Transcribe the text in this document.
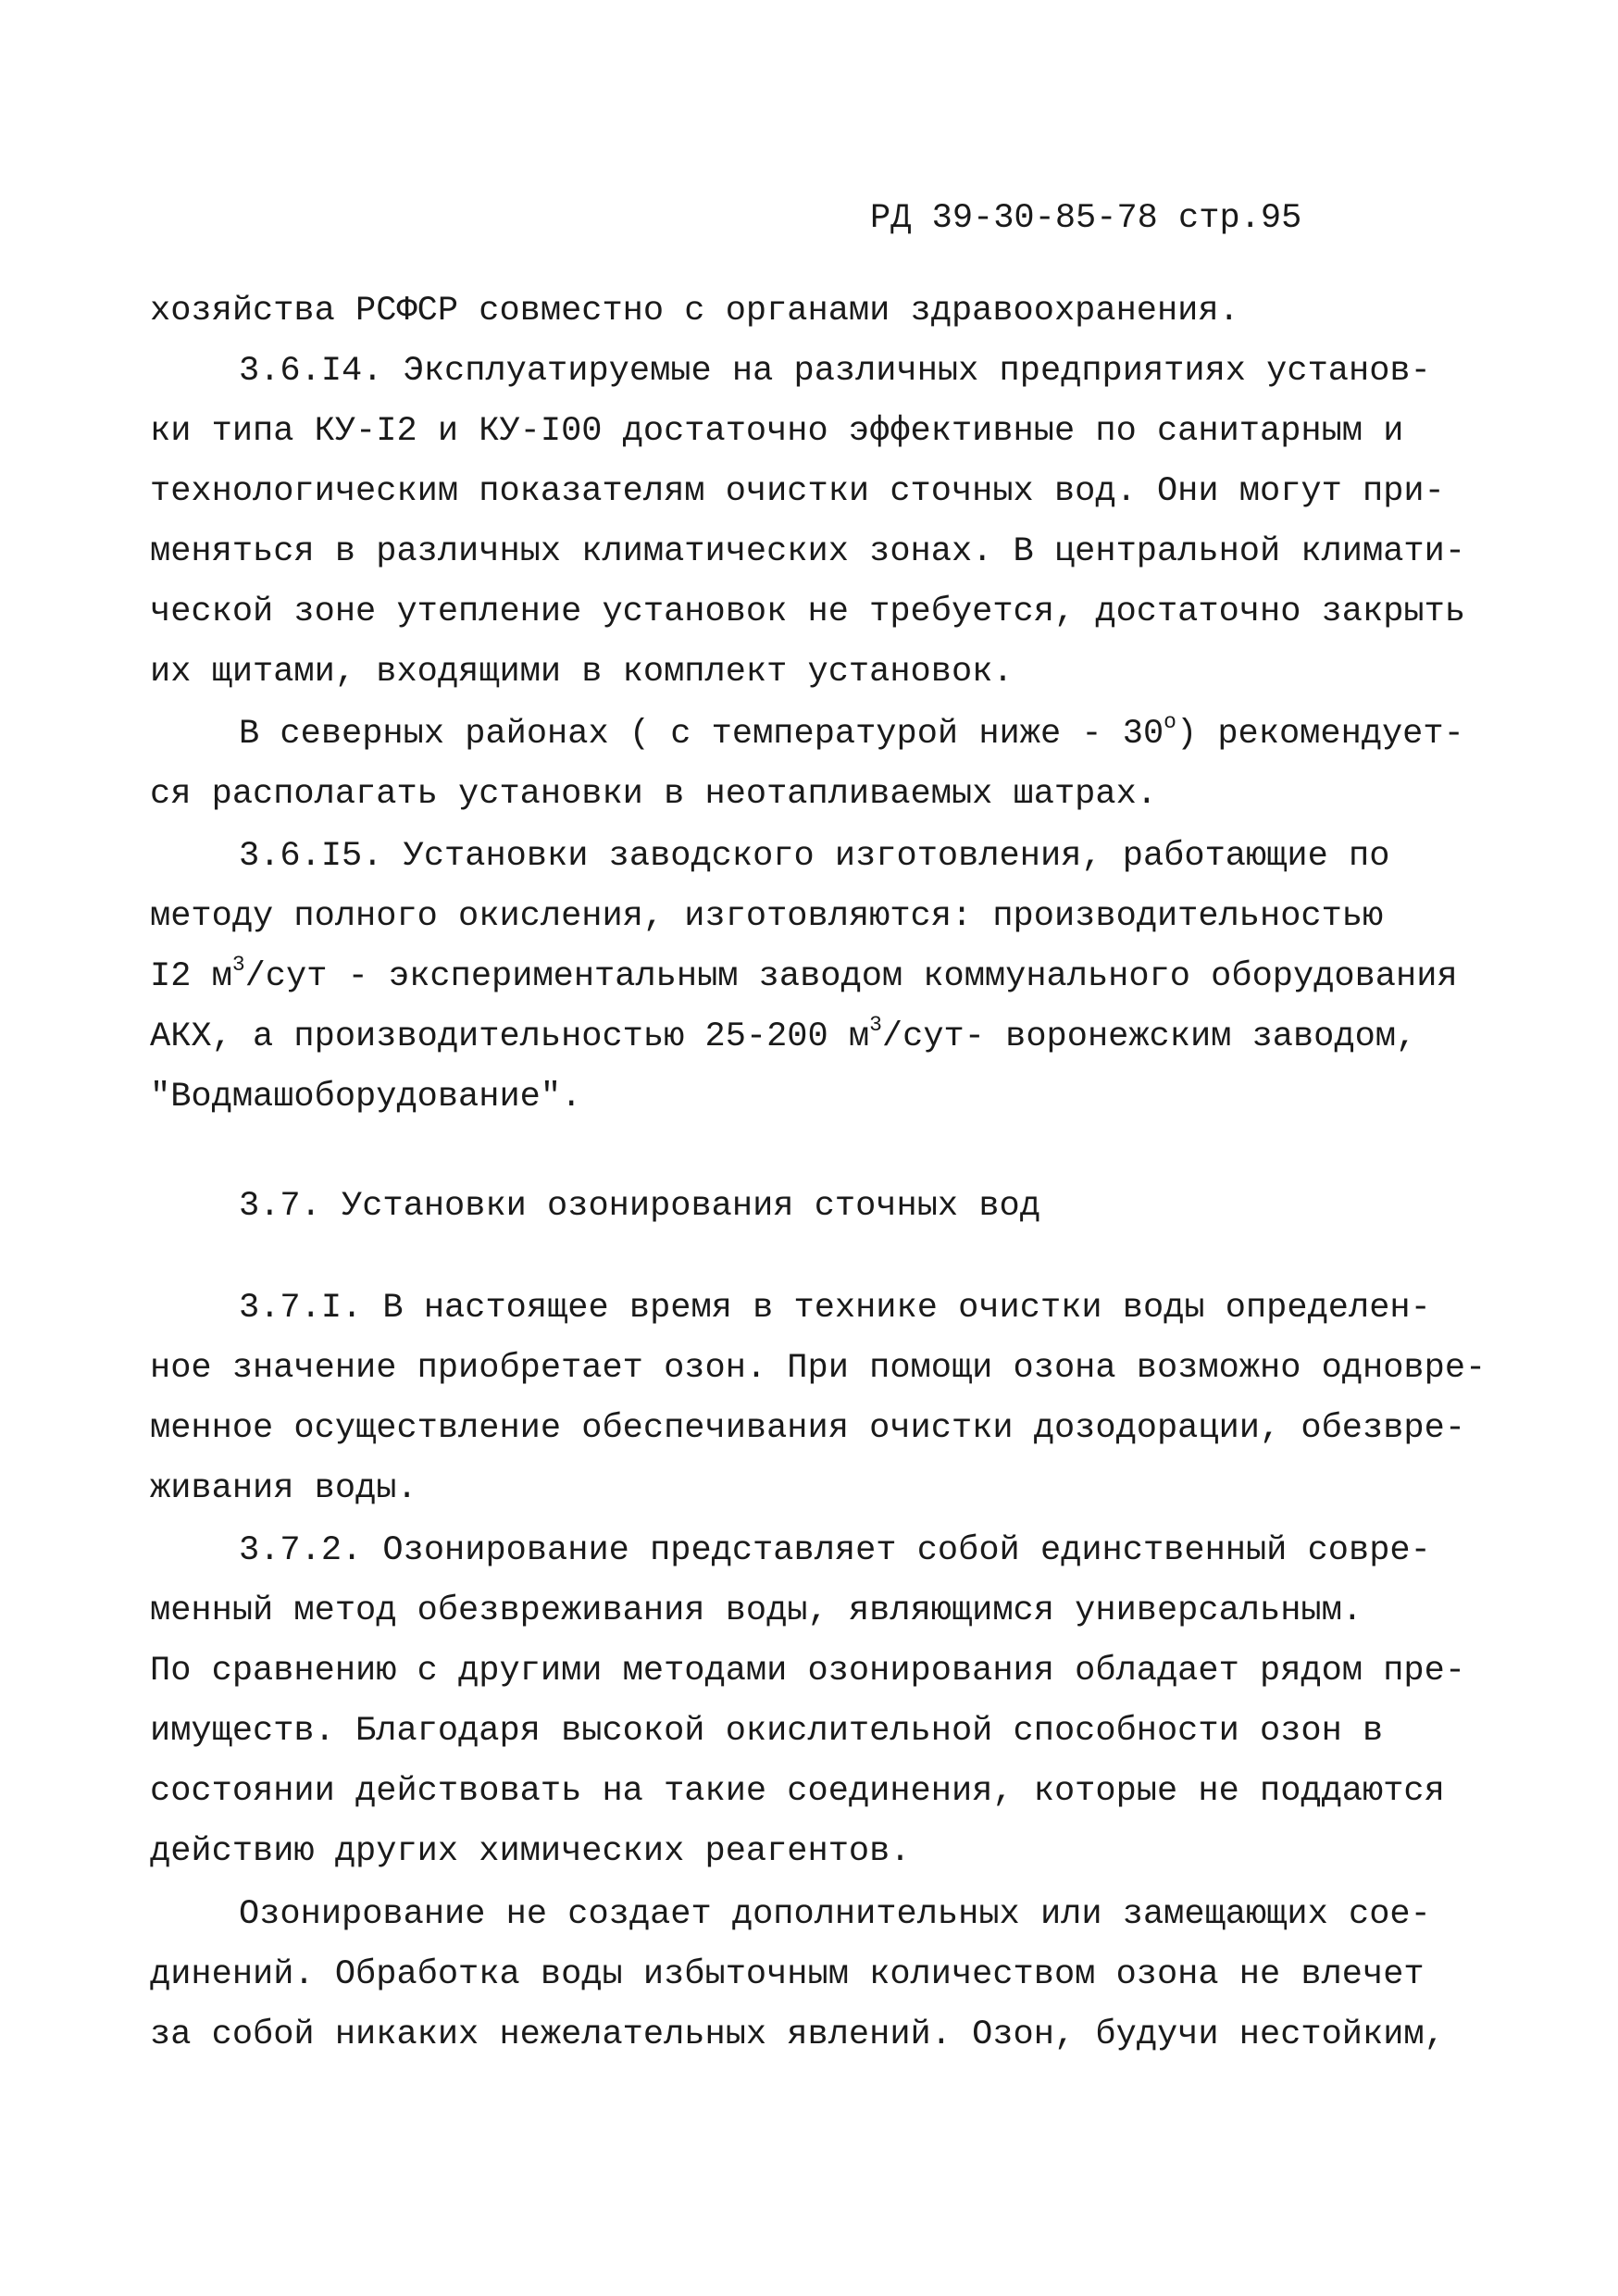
РД 39-30-85-78 стр.95
хозяйства РСФСР совместно с органами здравоохранения.
3.6.I4. Эксплуатируемые на различных предприятиях установ-
ки типа КУ-I2 и КУ-I00 достаточно эффективные по санитарным и
технологическим показателям очистки сточных вод. Они могут при-
меняться в различных климатических зонах. В центральной климати-
ческой зоне утепление установок не требуется, достаточно закрыть
их щитами, входящими в комплект установок.
В северных районах ( с температурой ниже - $30^о$) рекомендует-
ся располагать установки в неотапливаемых шатрах.
3.6.I5. Установки заводского изготовления, работающие по
методу полного окисления, изготовляются: производительностью
I2 $м^3$/сут - экспериментальным заводом коммунального оборудования
АКХ, а производительностью 25-200 $м^3/сут-$ воронежским заводом,
"Водмашоборудование".
3.7. Установки озонирования сточных вод
3.7.I. В настоящее время в технике очистки воды определен-
ное значение приобретает озон. При помощи озона возможно одновре-
менное осуществление обеспечивания очистки дозодорации, обезвре-
живания воды.
3.7.2. Озонирование представляет собой единственный совре-
менный метод обезвреживания воды, являющимся универсальным.
По сравнению с другими методами озонирования обладает рядом пре-
имуществ. Благодаря высокой окислительной способности озон в
состоянии действовать на такие соединения, которые не поддаются
действию других химических реагентов.
Озонирование не создает дополнительных или замещающих сое-
динений. Обработка воды избыточным количеством озона не влечет
за собой никаких нежелательных явлений. Озон, будучи нестойким,
